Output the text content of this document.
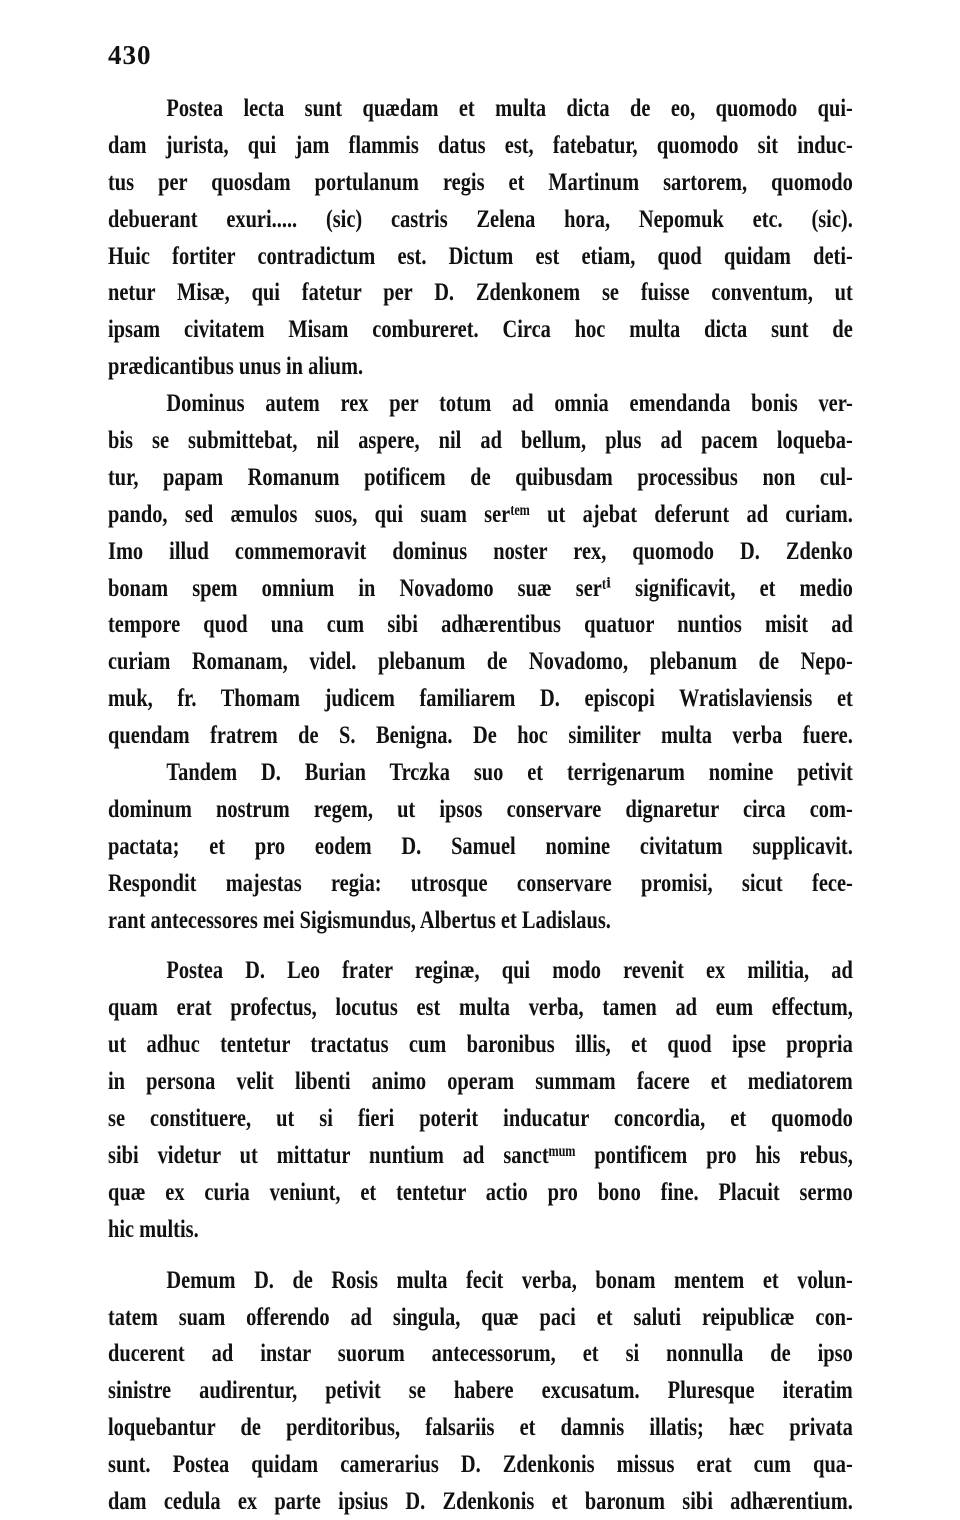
430
Postea lecta sunt quædam et multa dicta de eo, quomodo qui-
dam jurista, qui jam flammis datus est, fatebatur, quomodo sit induc-
tus per quosdam portulanum regis et Martinum sartorem, quomodo
debuerant exuri..... (sic) castris Zelena hora, Nepomuk etc. (sic).
Huic fortiter contradictum est. Dictum est etiam, quod quidam deti-
netur Misæ, qui fatetur per D. Zdenkonem se fuisse conventum, ut
ipsam civitatem Misam combureret. Circa hoc multa dicta sunt de
prædicantibus unus in alium.
Dominus autem rex per totum ad omnia emendanda bonis ver-
bis se submittebat, nil aspere, nil ad bellum, plus ad pacem loqueba-
tur, papam Romanum potificem de quibusdam processibus non cul-
pando, sed æmulos suos, qui suam serᵗᵉᵐ ut ajebat deferunt ad curiam.
Imo illud commemoravit dominus noster rex, quomodo D. Zdenko
bonam spem omnium in Novadomo suæ serᵗⁱ significavit, et medio
tempore quod una cum sibi adhærentibus quatuor nuntios misit ad
curiam Romanam, videl. plebanum de Novadomo, plebanum de Nepo-
muk, fr. Thomam judicem familiarem D. episcopi Wratislaviensis et
quendam fratrem de S. Benigna. De hoc similiter multa verba fuere.
Tandem D. Burian Trczka suo et terrigenarum nomine petivit
dominum nostrum regem, ut ipsos conservare dignaretur circa com-
pactata; et pro eodem D. Samuel nomine civitatum supplicavit.
Respondit majestas regia: utrosque conservare promisi, sicut fece-
rant antecessores mei Sigismundus, Albertus et Ladislaus.
Postea D. Leo frater reginæ, qui modo revenit ex militia, ad
quam erat profectus, locutus est multa verba, tamen ad eum effectum,
ut adhuc tentetur tractatus cum baronibus illis, et quod ipse propria
in persona velit libenti animo operam summam facere et mediatorem
se constituere, ut si fieri poterit inducatur concordia, et quomodo
sibi videtur ut mittatur nuntium ad sanctᵐᵘᵐ pontificem pro his rebus,
quæ ex curia veniunt, et tentetur actio pro bono fine. Placuit sermo
hic multis.
Demum D. de Rosis multa fecit verba, bonam mentem et volun-
tatem suam offerendo ad singula, quæ paci et saluti reipublicæ con-
ducerent ad instar suorum antecessorum, et si nonnulla de ipso
sinistre audirentur, petivit se habere excusatum. Pluresque iteratim
loquebantur de perditoribus, falsariis et damnis illatis; hæc privata
sunt. Postea quidam camerarius D. Zdenkonis missus erat cum qua-
dam cedula ex parte ipsius D. Zdenkonis et baronum sibi adhærentium.
